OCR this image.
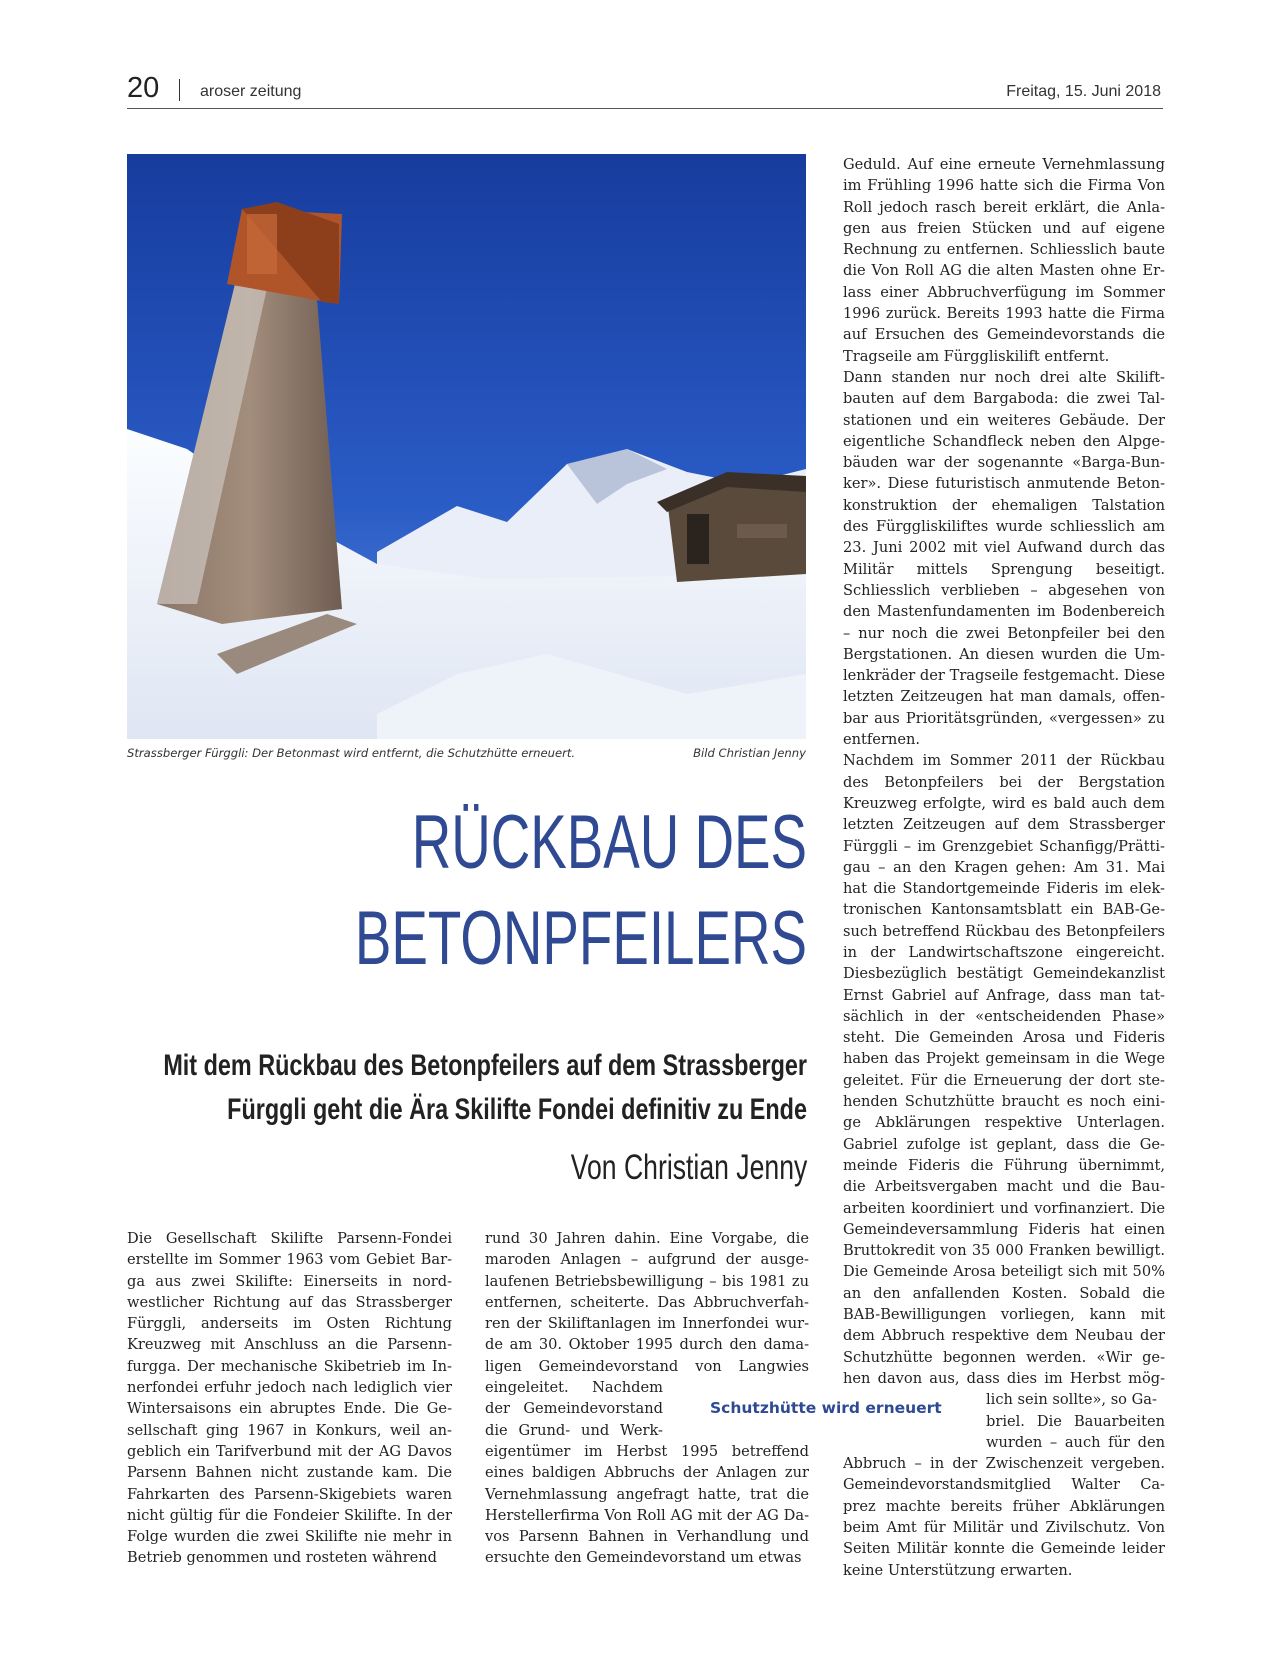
20	aroser zeitung	Freitag, 15. Juni 2018
Strassberger Fürggli: Der Betonmast wird entfernt, die Schutzhütte erneuert.	Bild Christian Jenny
RÜCKBAU DES
BETONPFEILERS
Mit dem Rückbau des Betonpfeilers auf dem Strassberger
Fürggli geht die Ära Skilifte Fondei definitiv zu Ende
Von Christian Jenny
Die Gesellschaft Skilifte Parsenn-Fondei
erstellte im Sommer 1963 vom Gebiet Bar-
ga aus zwei Skilifte: Einerseits in nord-
westlicher Richtung auf das Strassberger
Fürggli, anderseits im Osten Richtung
Kreuzweg mit Anschluss an die Parsenn-
furgga. Der mechanische Skibetrieb im In-
nerfondei erfuhr jedoch nach lediglich vier
Wintersaisons ein abruptes Ende. Die Ge-
sellschaft ging 1967 in Konkurs, weil an-
geblich ein Tarifverbund mit der AG Davos
Parsenn Bahnen nicht zustande kam. Die
Fahrkarten des Parsenn-Skigebiets waren
nicht gültig für die Fondeier Skilifte. In der
Folge wurden die zwei Skilifte nie mehr in
Betrieb genommen und rosteten während
rund 30 Jahren dahin. Eine Vorgabe, die
maroden Anlagen – aufgrund der ausge-
laufenen Betriebsbewilligung – bis 1981 zu
entfernen, scheiterte. Das Abbruchverfah-
ren der Skiliftanlagen im Innerfondei wur-
de am 30. Oktober 1995 durch den dama-
ligen Gemeindevorstand von Langwies
eingeleitet. Nachdem
der Gemeindevorstand
die Grund- und Werk-
eigentümer im Herbst 1995 betreffend
eines baldigen Abbruchs der Anlagen zur
Vernehmlassung angefragt hatte, trat die
Herstellerfirma Von Roll AG mit der AG Da-
vos Parsenn Bahnen in Verhandlung und
ersuchte den Gemeindevorstand um etwas
Geduld. Auf eine erneute Vernehmlassung
im Frühling 1996 hatte sich die Firma Von
Roll jedoch rasch bereit erklärt, die Anla-
gen aus freien Stücken und auf eigene
Rechnung zu entfernen. Schliesslich baute
die Von Roll AG die alten Masten ohne Er-
lass einer Abbruchverfügung im Sommer
1996 zurück. Bereits 1993 hatte die Firma
auf Ersuchen des Gemeindevorstands die
Tragseile am Fürggliskilift entfernt.
Dann standen nur noch drei alte Skilift-
bauten auf dem Bargaboda: die zwei Tal-
stationen und ein weiteres Gebäude. Der
eigentliche Schandfleck neben den Alpge-
bäuden war der sogenannte «Barga-Bun-
ker». Diese futuristisch anmutende Beton-
konstruktion der ehemaligen Talstation
des Fürggliskiliftes wurde schliesslich am
23. Juni 2002 mit viel Aufwand durch das
Militär mittels Sprengung beseitigt.
Schliesslich verblieben – abgesehen von
den Mastenfundamenten im Bodenbereich
– nur noch die zwei Betonpfeiler bei den
Bergstationen. An diesen wurden die Um-
lenkräder der Tragseile festgemacht. Diese
letzten Zeitzeugen hat man damals, offen-
bar aus Prioritätsgründen, «vergessen» zu
entfernen.
Nachdem im Sommer 2011 der Rückbau
des Betonpfeilers bei der Bergstation
Kreuzweg erfolgte, wird es bald auch dem
letzten Zeitzeugen auf dem Strassberger
Fürggli – im Grenzgebiet Schanfigg/Prätti-
gau – an den Kragen gehen: Am 31. Mai
hat die Standortgemeinde Fideris im elek-
tronischen Kantonsamtsblatt ein BAB-Ge-
such betreffend Rückbau des Betonpfeilers
in der Landwirtschaftszone eingereicht.
Diesbezüglich bestätigt Gemeindekanzlist
Ernst Gabriel auf Anfrage, dass man tat-
sächlich in der «entscheidenden Phase»
steht. Die Gemeinden Arosa und Fideris
haben das Projekt gemeinsam in die Wege
geleitet. Für die Erneuerung der dort ste-
henden Schutzhütte braucht es noch eini-
ge Abklärungen respektive Unterlagen.
Gabriel zufolge ist geplant, dass die Ge-
meinde Fideris die Führung übernimmt,
die Arbeitsvergaben macht und die Bau-
arbeiten koordiniert und vorfinanziert. Die
Gemeindeversammlung Fideris hat einen
Bruttokredit von 35 000 Franken bewilligt.
Die Gemeinde Arosa beteiligt sich mit 50%
an den anfallenden Kosten. Sobald die
BAB-Bewilligungen vorliegen, kann mit
dem Abbruch respektive dem Neubau der
Schutzhütte begonnen werden. «Wir ge-
hen davon aus, dass dies im Herbst mög-
lich sein sollte», so Ga-
briel. Die Bauarbeiten
wurden – auch für den
Abbruch – in der Zwischenzeit vergeben.
Gemeindevorstandsmitglied Walter Ca-
prez machte bereits früher Abklärungen
beim Amt für Militär und Zivilschutz. Von
Seiten Militär konnte die Gemeinde leider
keine Unterstützung erwarten.
Schutzhütte wird erneuert
